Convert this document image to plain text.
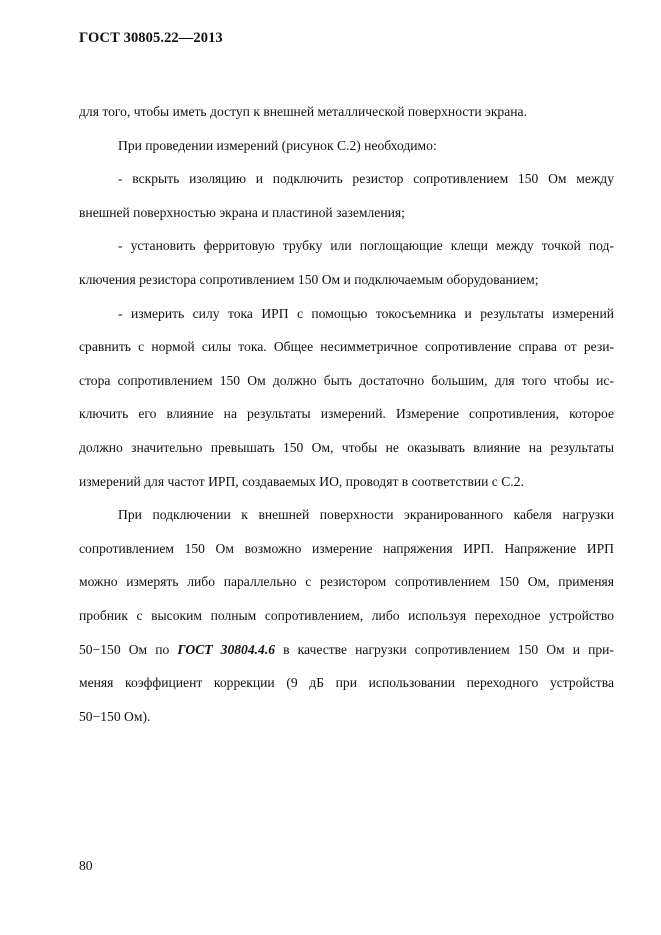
ГОСТ 30805.22—2013
для того, чтобы иметь доступ к внешней металлической поверхности экрана.
При проведении измерений (рисунок С.2) необходимо:
- вскрыть изоляцию и подключить резистор сопротивлением 150 Ом между
внешней поверхностью экрана и пластиной заземления;
- установить ферритовую трубку или поглощающие клещи между точкой под-
ключения резистора сопротивлением 150 Ом и подключаемым оборудованием;
- измерить силу тока ИРП с помощью токосъемника и результаты измерений
сравнить с нормой силы тока. Общее несимметричное сопротивление справа от рези-
стора сопротивлением 150 Ом должно быть достаточно большим, для того чтобы ис-
ключить его влияние на результаты измерений. Измерение сопротивления, которое
должно значительно превышать 150 Ом, чтобы не оказывать влияние на результаты
измерений для частот ИРП, создаваемых ИО, проводят в соответствии с С.2.
При подключении к внешней поверхности экранированного кабеля нагрузки
сопротивлением 150 Ом возможно измерение напряжения ИРП. Напряжение ИРП
можно измерять либо параллельно с резистором сопротивлением 150 Ом, применяя
пробник с высоким полным сопротивлением, либо используя переходное устройство
50−150 Ом по ГОСТ 30804.4.6 в качестве нагрузки сопротивлением 150 Ом и при-
меняя коэффициент коррекции (9 дБ при использовании переходного устройства
50−150 Ом).
80
